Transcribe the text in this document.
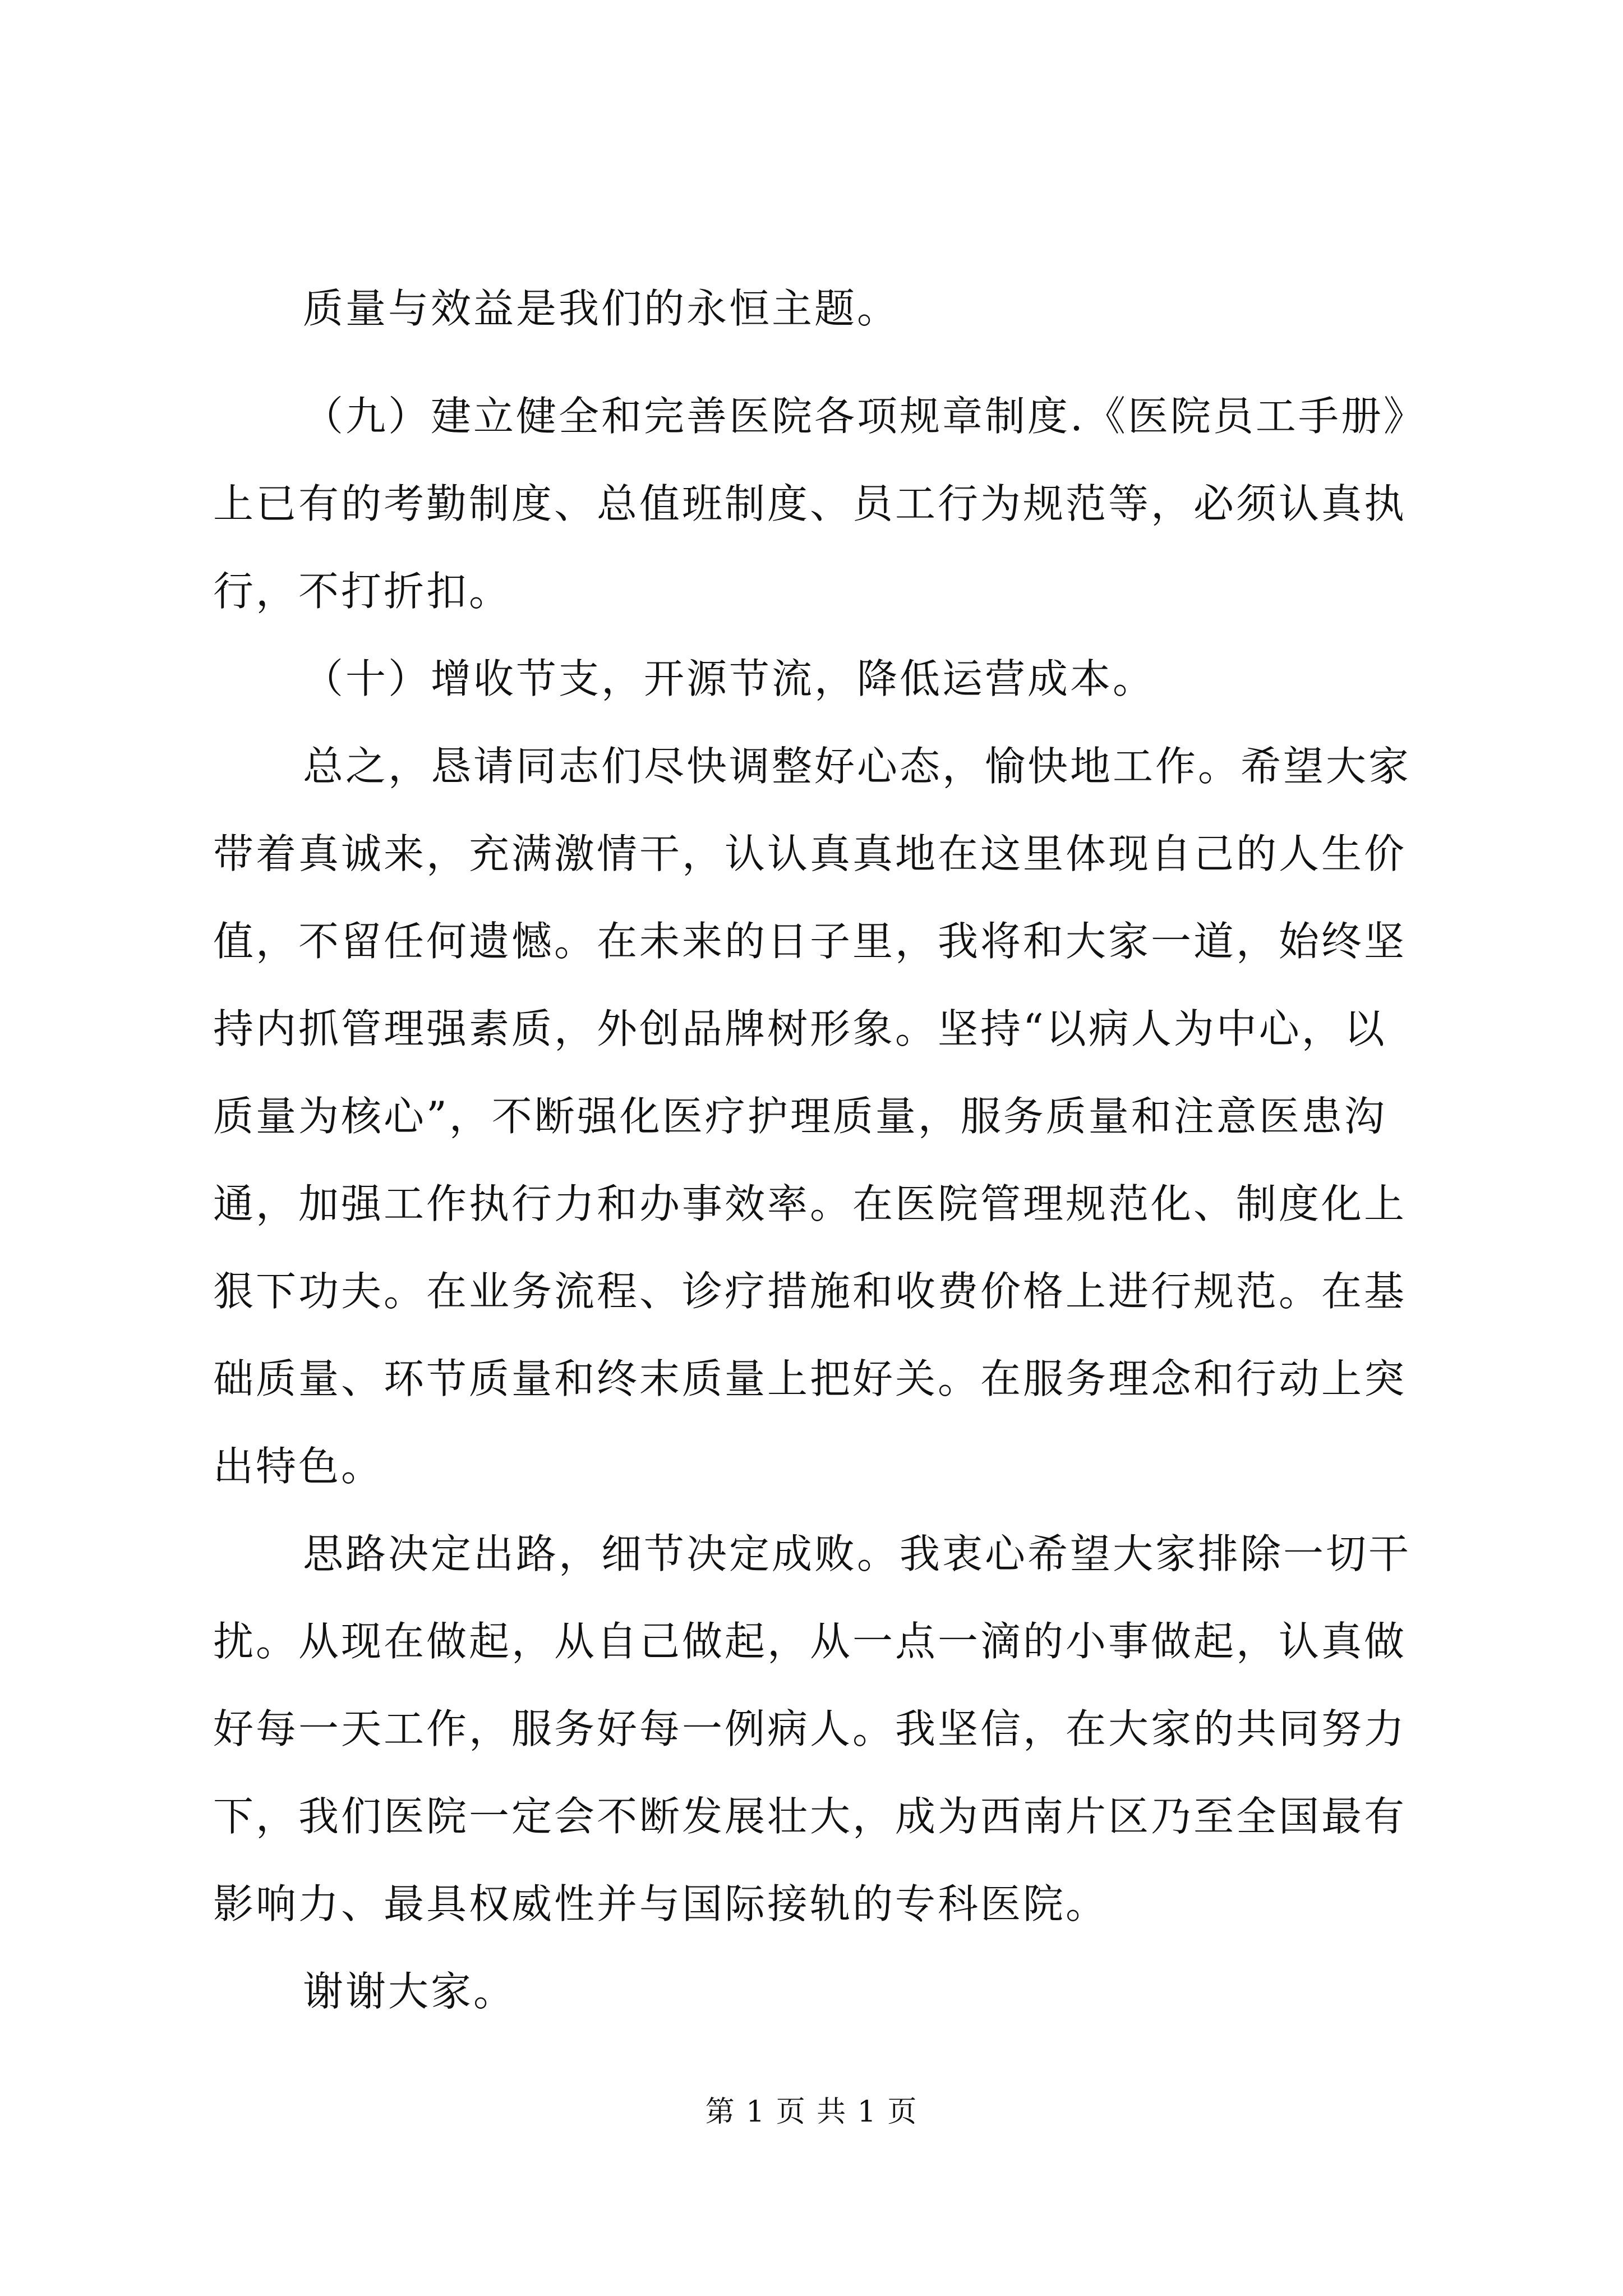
质量与效益是我们的永恒主题。
（九）建立健全和完善医院各项规章制度.《医院员工手册》
上已有的考勤制度、总值班制度、员工行为规范等，必须认真执
行，不打折扣。
（十）增收节支，开源节流，降低运营成本。
总之，恳请同志们尽快调整好心态，愉快地工作。希望大家
带着真诚来，充满激情干，认认真真地在这里体现自己的人生价
值，不留任何遗憾。在未来的日子里，我将和大家一道，始终坚
持内抓管理强素质，外创品牌树形象。坚持“以病人为中心，以
质量为核心”，不断强化医疗护理质量，服务质量和注意医患沟
通，加强工作执行力和办事效率。在医院管理规范化、制度化上
狠下功夫。在业务流程、诊疗措施和收费价格上进行规范。在基
础质量、环节质量和终末质量上把好关。在服务理念和行动上突
出特色。
思路决定出路，细节决定成败。我衷心希望大家排除一切干
扰。从现在做起，从自己做起，从一点一滴的小事做起，认真做
好每一天工作，服务好每一例病人。我坚信，在大家的共同努力
下，我们医院一定会不断发展壮大，成为西南片区乃至全国最有
影响力、最具权威性并与国际接轨的专科医院。
谢谢大家。
第 1 页 共 1 页
